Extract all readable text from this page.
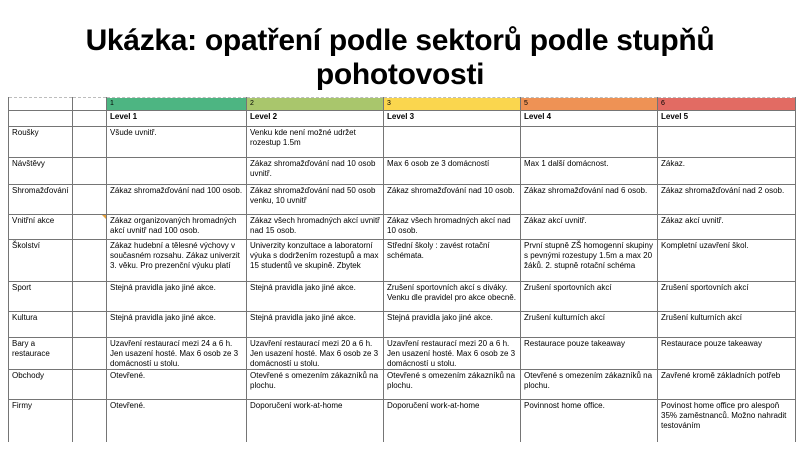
Ukázka: opatření podle sektorů podle stupňů pohotovosti
		1	2	3	5	6
		Level 1	Level 2	Level 3	Level 4	Level 5
Roušky		Všude uvnitř.	Venku kde není možné udržet rozestup 1.5m			
Návštěvy			Zákaz shromažďování nad 10 osob uvnitř.	Max 6 osob ze 3 domácností	Max 1 další domácnost.	Zákaz.
Shromažďování		Zákaz shromažďování nad 100 osob.	Zákaz shromažďování nad 50 osob venku, 10 uvnitř	Zákaz shromažďování nad 10 osob.	Zákaz shromažďování nad 6 osob.	Zákaz shromažďování nad 2 osob.
Vnitřní akce		Zákaz organizovaných hromadných akcí uvnitř nad 100 osob.	Zákaz všech hromadných akcí uvnitř nad 15 osob.	Zákaz všech hromadných akcí nad 10 osob.	Zákaz akcí uvnitř.	Zákaz akcí uvnitř.
Školství		Zákaz hudební a tělesné výchovy v současném rozsahu. Zákaz univerzit 3. věku. Pro prezenční výuku platí	Univerzity konzultace a laboratorní výuka s dodržením rozestupů a max 15 studentů ve skupině. Zbytek	Střední školy : zavést rotační schémata.	První stupně ZŠ homogenní skupiny s pevnými rozestupy 1.5m a max 20 žáků. 2. stupně rotační schéma	Kompletní uzavření škol.
Sport		Stejná pravidla jako jiné akce.	Stejná pravidla jako jiné akce.	Zrušení sportovních akcí s diváky. Venku dle pravidel pro akce obecně.	Zrušení sportovních akcí	Zrušení sportovních akcí
Kultura		Stejná pravidla jako jiné akce.	Stejná pravidla jako jiné akce.	Stejná pravidla jako jiné akce.	Zrušení kulturních akcí	Zrušení kulturních akcí
Bary a restaurace		Uzavření restaurací mezi 24 a 6 h. Jen usazení hosté. Max 6 osob ze 3 domácností u stolu.	Uzavření restaurací mezi 20 a 6 h. Jen usazení hosté. Max 6 osob ze 3 domácností u stolu.	Uzavření restaurací mezi 20 a 6 h. Jen usazení hosté. Max 6 osob ze 3 domácností u stolu.	Restaurace pouze takeaway	Restaurace pouze takeaway
Obchody		Otevřené.	Otevřené s omezením zákazníků na plochu.	Otevřené s omezením zákazníků na plochu.	Otevřené s omezením zákazníků na plochu.	Zavřené kromě základních potřeb
Firmy		Otevřené.	Doporučení work-at-home	Doporučení work-at-home	Povinnost home office.	Povinost home office pro alespoň 35% zaměstnanců. Možno nahradit testováním
